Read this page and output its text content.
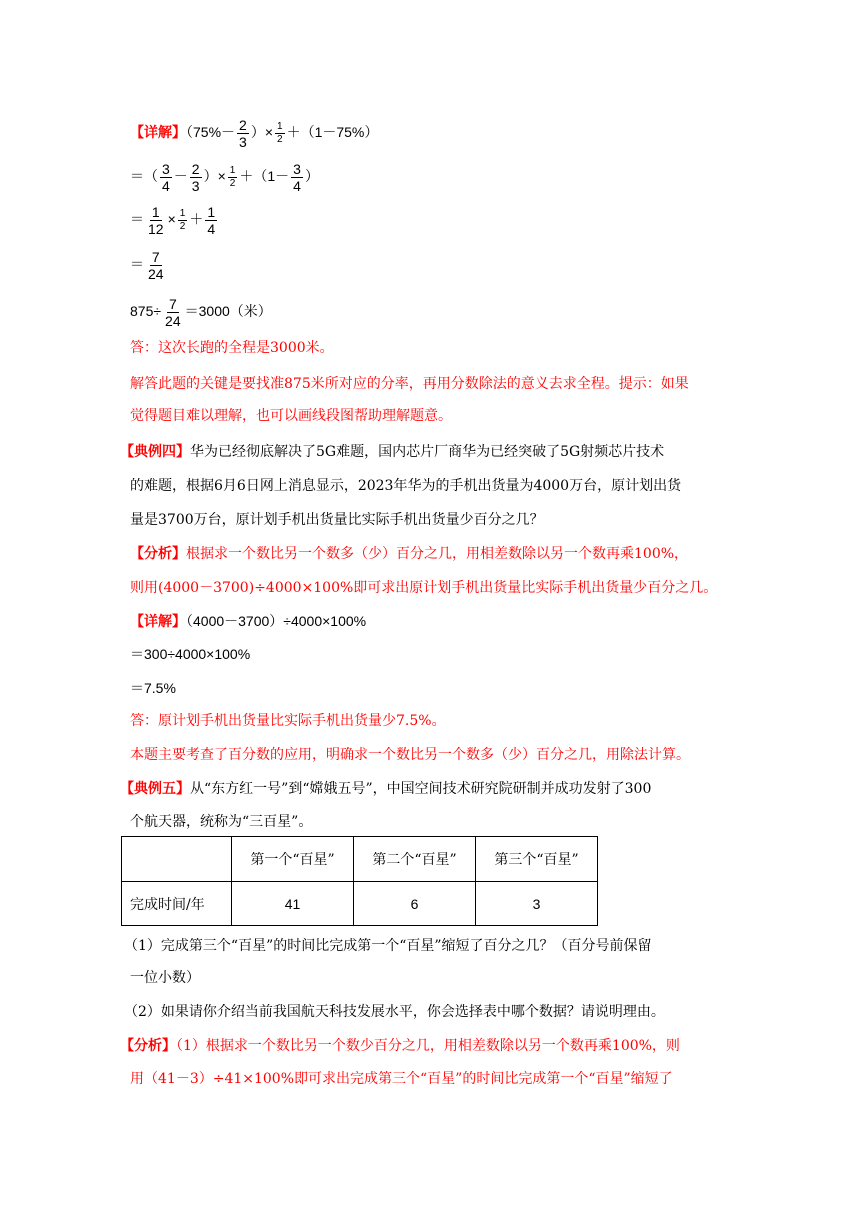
【详解】（$75\%- \frac{2}{3}$ ）× $\frac{1}{2} +(1-75\%)$
＝（ $\frac{3}{4} - \frac{2}{3}$ ）× $\frac{1}{2} +(1- \frac{3}{4}$ ）
＝ $\frac{1}{12} \times \frac{1}{2} + \frac{1}{4}$
＝ $\frac{7}{24}$
$875\div \frac{7}{24} =3000$（米）
答：这次长跑的全程是3000米。
解答此题的关键是要找准875米所对应的分率，再用分数除法的意义去求全程。提示：如果
觉得题目难以理解，也可以画线段图帮助理解题意。
【典例四】华为已经彻底解决了5G难题，国内芯片厂商华为已经突破了5G射频芯片技术
的难题，根据6月6日网上消息显示，2023年华为的手机出货量为4000万台，原计划出货
量是3700万台，原计划手机出货量比实际手机出货量少百分之几？
【分析】根据求一个数比另一个数多（少）百分之几，用相差数除以另一个数再乘100%，
则用(4000－3700)÷4000×100%即可求出原计划手机出货量比实际手机出货量少百分之几。
【详解】（4000－3700）÷4000×100%
＝300÷4000×100%
＝7.5%
答：原计划手机出货量比实际手机出货量少7.5%。
本题主要考查了百分数的应用，明确求一个数比另一个数多（少）百分之几，用除法计算。
【典例五】从“东方红一号”到“嫦娥五号”，中国空间技术研究院研制并成功发射了300
个航天器，统称为“三百星”。
	第一个“百星”	第二个“百星”	第三个“百星”
完成时间/年	41	6	3
（1）完成第三个“百星”的时间比完成第一个“百星”缩短了百分之几？（百分号前保留
一位小数）
（2）如果请你介绍当前我国航天科技发展水平，你会选择表中哪个数据？请说明理由。
【分析】（1）根据求一个数比另一个数少百分之几，用相差数除以另一个数再乘100%，则
用（41－3）÷41×100%即可求出完成第三个“百星”的时间比完成第一个“百星”缩短了
